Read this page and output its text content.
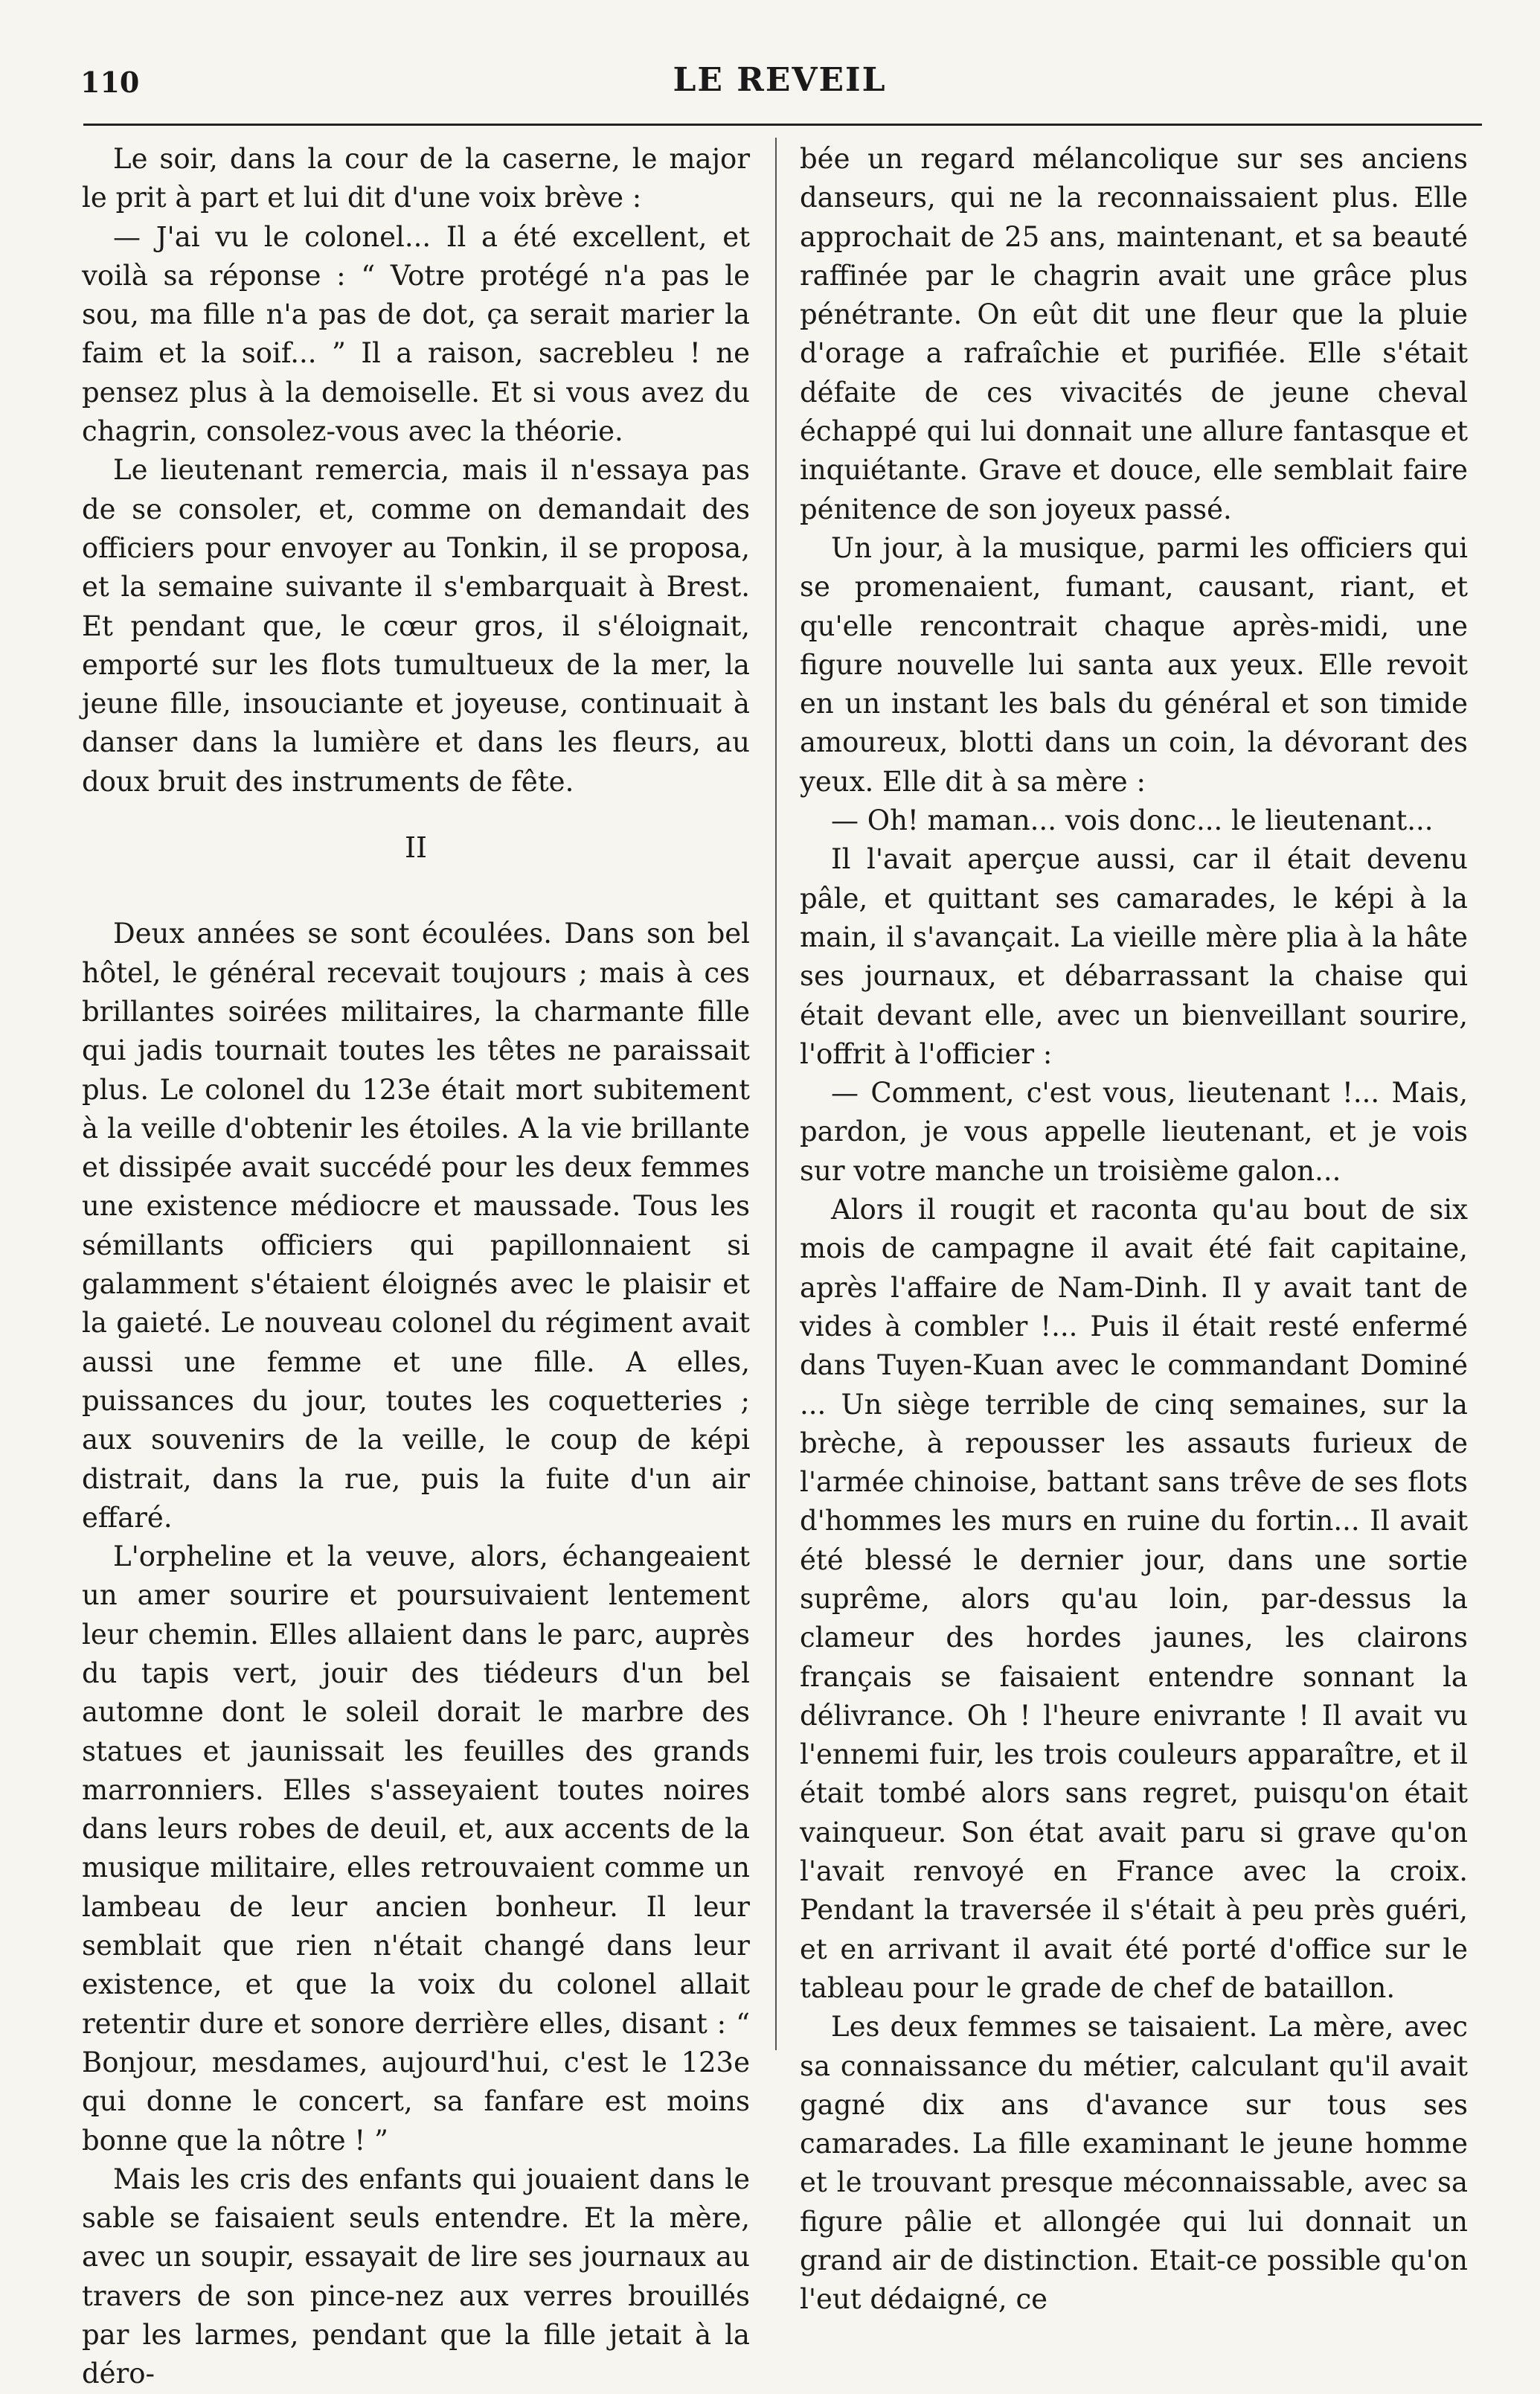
110	LE REVEIL

Le soir, dans la cour de la caserne, le major le prit à part et lui dit d'une voix brève :

— J'ai vu le colonel... Il a été excellent, et voilà sa réponse : “ Votre protégé n'a pas le sou, ma fille n'a pas de dot, ça serait marier la faim et la soif... ” Il a raison, sacrebleu ! ne pensez plus à la demoiselle. Et si vous avez du chagrin, consolez-vous avec la théorie.

Le lieutenant remercia, mais il n'essaya pas de se consoler, et, comme on demandait des officiers pour envoyer au Tonkin, il se proposa, et la semaine suivante il s'embarquait à Brest. Et pendant que, le cœur gros, il s'éloignait, emporté sur les flots tumultueux de la mer, la jeune fille, insouciante et joyeuse, continuait à danser dans la lumière et dans les fleurs, au doux bruit des instruments de fête.

II

Deux années se sont écoulées. Dans son bel hôtel, le général recevait toujours ; mais à ces brillantes soirées militaires, la charmante fille qui jadis tournait toutes les têtes ne paraissait plus. Le colonel du 123e était mort subitement à la veille d'obtenir les étoiles. A la vie brillante et dissipée avait succédé pour les deux femmes une existence médiocre et maussade. Tous les sémillants officiers qui papillonnaient si galamment s'étaient éloignés avec le plaisir et la gaieté. Le nouveau colonel du régiment avait aussi une femme et une fille. A elles, puissances du jour, toutes les coquetteries ; aux souvenirs de la veille, le coup de képi distrait, dans la rue, puis la fuite d'un air effaré.

L'orpheline et la veuve, alors, échangeaient un amer sourire et poursuivaient lentement leur chemin. Elles allaient dans le parc, auprès du tapis vert, jouir des tiédeurs d'un bel automne dont le soleil dorait le marbre des statues et jaunissait les feuilles des grands marronniers. Elles s'asseyaient toutes noires dans leurs robes de deuil, et, aux accents de la musique militaire, elles retrouvaient comme un lambeau de leur ancien bonheur. Il leur semblait que rien n'était changé dans leur existence, et que la voix du colonel allait retentir dure et sonore derrière elles, disant : “ Bonjour, mesdames, aujourd'hui, c'est le 123e qui donne le concert, sa fanfare est moins bonne que la nôtre ! ”

Mais les cris des enfants qui jouaient dans le sable se faisaient seuls entendre. Et la mère, avec un soupir, essayait de lire ses journaux au travers de son pince-nez aux verres brouillés par les larmes, pendant que la fille jetait à la déro-

bée un regard mélancolique sur ses anciens danseurs, qui ne la reconnaissaient plus. Elle approchait de 25 ans, maintenant, et sa beauté raffinée par le chagrin avait une grâce plus pénétrante. On eût dit une fleur que la pluie d'orage a rafraîchie et purifiée. Elle s'était défaite de ces vivacités de jeune cheval échappé qui lui donnait une allure fantasque et inquiétante. Grave et douce, elle semblait faire pénitence de son joyeux passé.

Un jour, à la musique, parmi les officiers qui se promenaient, fumant, causant, riant, et qu'elle rencontrait chaque après-midi, une figure nouvelle lui santa aux yeux. Elle revoit en un instant les bals du général et son timide amoureux, blotti dans un coin, la dévorant des yeux. Elle dit à sa mère :

— Oh! maman... vois donc... le lieutenant...

Il l'avait aperçue aussi, car il était devenu pâle, et quittant ses camarades, le képi à la main, il s'avançait. La vieille mère plia à la hâte ses journaux, et débarrassant la chaise qui était devant elle, avec un bienveillant sourire, l'offrit à l'officier :

— Comment, c'est vous, lieutenant !... Mais, pardon, je vous appelle lieutenant, et je vois sur votre manche un troisième galon...

Alors il rougit et raconta qu'au bout de six mois de campagne il avait été fait capitaine, après l'affaire de Nam-Dinh. Il y avait tant de vides à combler !... Puis il était resté enfermé dans Tuyen-Kuan avec le commandant Dominé ... Un siège terrible de cinq semaines, sur la brèche, à repousser les assauts furieux de l'armée chinoise, battant sans trêve de ses flots d'hommes les murs en ruine du fortin... Il avait été blessé le dernier jour, dans une sortie suprême, alors qu'au loin, par-dessus la clameur des hordes jaunes, les clairons français se faisaient entendre sonnant la délivrance. Oh ! l'heure enivrante ! Il avait vu l'ennemi fuir, les trois couleurs apparaître, et il était tombé alors sans regret, puisqu'on était vainqueur. Son état avait paru si grave qu'on l'avait renvoyé en France avec la croix. Pendant la traversée il s'était à peu près guéri, et en arrivant il avait été porté d'office sur le tableau pour le grade de chef de bataillon.

Les deux femmes se taisaient. La mère, avec sa connaissance du métier, calculant qu'il avait gagné dix ans d'avance sur tous ses camarades. La fille examinant le jeune homme et le trouvant presque méconnaissable, avec sa figure pâlie et allongée qui lui donnait un grand air de distinction. Etait-ce possible qu'on l'eut dédaigné, ce
